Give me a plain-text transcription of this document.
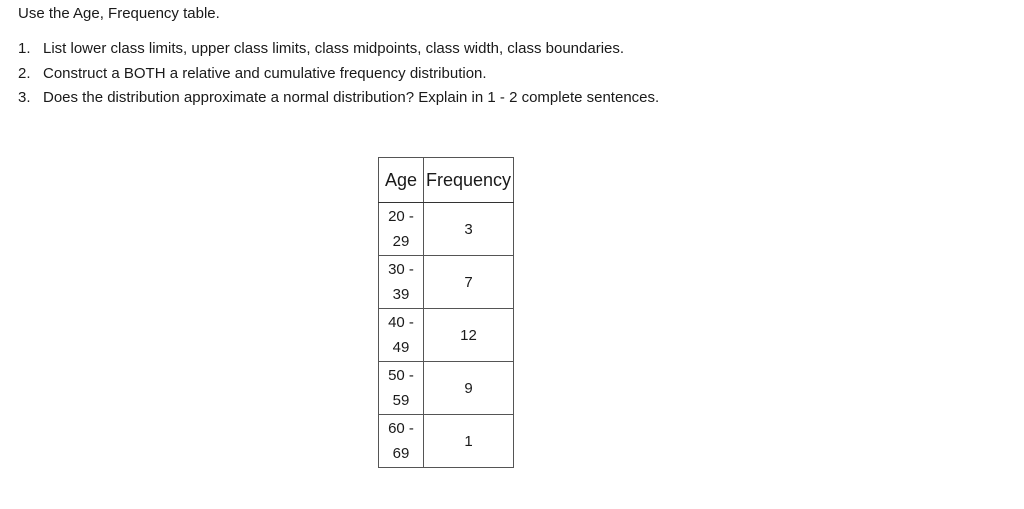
Use the Age, Frequency table.

1. List lower class limits, upper class limits, class midpoints, class width, class boundaries.
2. Construct a BOTH a relative and cumulative frequency distribution.
3. Does the distribution approximate a normal distribution? Explain in 1 - 2 complete sentences.
Age	Frequency

20 -
29	3

30 -
39	7

40 -
49	12

50 -
59	9

60 -
69	1
